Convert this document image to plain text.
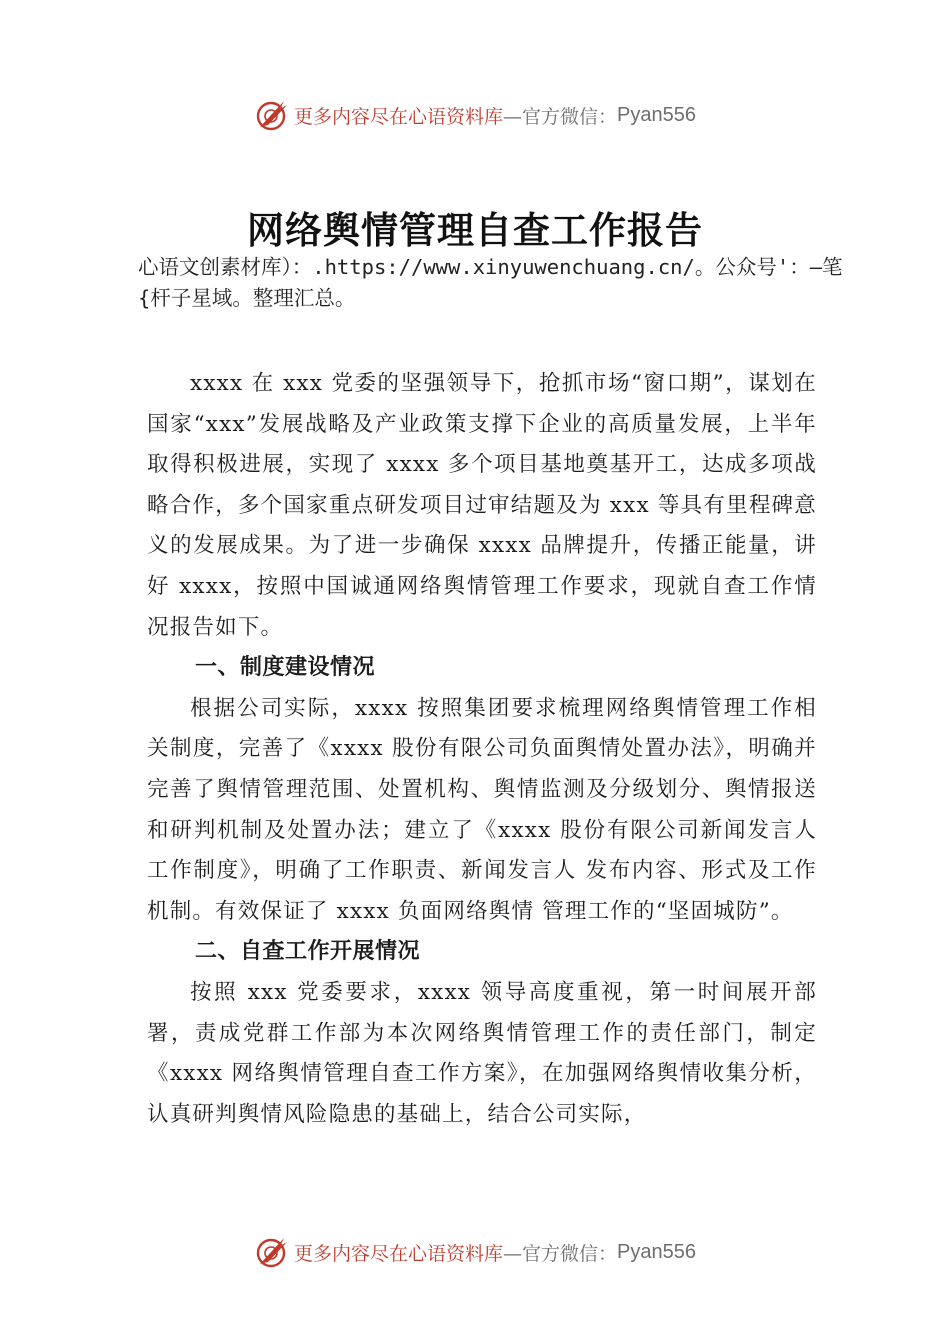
更多内容尽在心语资料库 —官方微信： Pyan556
网络舆情管理自查工作报告
心语文创素材库）：.https://www.xinyuwenchuang.cn/。公众号'：—笔{杆子星域。整理汇总。

xxxx 在 xxx 党委的坚强领导下，抢抓市场“窗口期”，谋划在国家“xxx”发展战略及产业政策支撑下企业的高质量发展，上半年取得积极进展，实现了 xxxx 多个项目基地奠基开工，达成多项战略合作，多个国家重点研发项目过审结题及为 xxx 等具有里程碑意义的发展成果。为了进一步确保 xxxx 品牌提升，传播正能量，讲好 xxxx，按照中国诚通网络舆情管理工作要求，现就自查工作情况报告如下。

一、制度建设情况

根据公司实际，xxxx 按照集团要求梳理网络舆情管理工作相关制度，完善了《xxxx 股份有限公司负面舆情处置办法》，明确并完善了舆情管理范围、处置机构、舆情监测及分级划分、舆情报送和研判机制及处置办法；建立了《xxxx 股份有限公司新闻发言人工作制度》，明确了工作职责、新闻发言人 发布内容、形式及工作机制。有效保证了 xxxx 负面网络舆情 管理工作的“坚固城防”。

二、自查工作开展情况

按照 xxx 党委要求，xxxx 领导高度重视，第一时间展开部署，责成党群工作部为本次网络舆情管理工作的责任部门，制定《xxxx 网络舆情管理自查工作方案》，在加强网络舆情收集分析，认真研判舆情风险隐患的基础上，结合公司实际，

更多内容尽在心语资料库 —官方微信： Pyan556
